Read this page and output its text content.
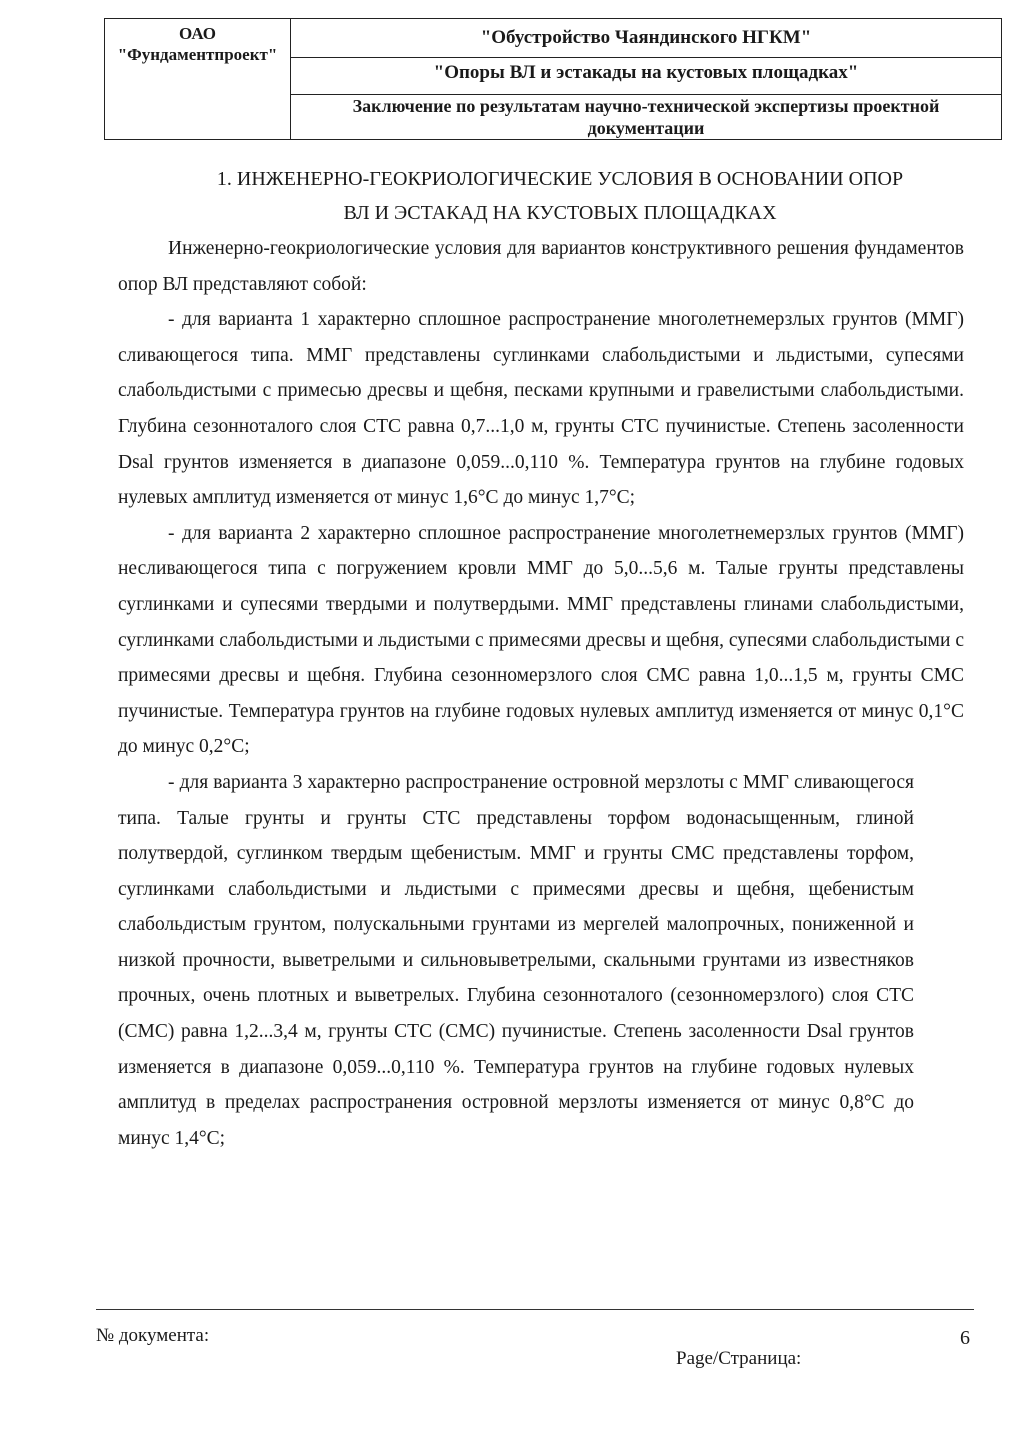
ОАО
"Фундаментпроект"
"Обустройство Чаяндинского НГКМ"
"Опоры ВЛ и эстакады на кустовых площадках"
Заключение по результатам научно-технической экспертизы проектной документации
1. ИНЖЕНЕРНО-ГЕОКРИОЛОГИЧЕСКИЕ УСЛОВИЯ В ОСНОВАНИИ ОПОР
ВЛ И ЭСТАКАД НА КУСТОВЫХ ПЛОЩАДКАХ

Инженерно-геокриологические условия для вариантов конструктивного решения фундаментов опор ВЛ представляют собой:

- для варианта 1 характерно сплошное распространение многолетнемерзлых грунтов (ММГ) сливающегося типа. ММГ представлены суглинками слабольдистыми и льдистыми, супесями слабольдистыми с примесью дресвы и щебня, песками крупными и гравелистыми слабольдистыми. Глубина сезонноталого слоя СТС равна 0,7...1,0 м, грунты СТС пучинистые. Степень засоленности Dsal грунтов изменяется в диапазоне 0,059...0,110 %. Температура грунтов на глубине годовых нулевых амплитуд изменяется от минус 1,6°С до минус 1,7°С;

- для варианта 2 характерно сплошное распространение многолетнемерзлых грунтов (ММГ) несливающегося типа с погружением кровли ММГ до 5,0...5,6 м. Талые грунты представлены суглинками и супесями твердыми и полутвердыми. ММГ представлены глинами слабольдистыми, суглинками слабольдистыми и льдистыми с примесями дресвы и щебня, супесями слабольдистыми с примесями дресвы и щебня. Глубина сезонномерзлого слоя СМС равна 1,0...1,5 м, грунты СМС пучинистые. Температура грунтов на глубине годовых нулевых амплитуд изменяется от минус 0,1°С до минус 0,2°С;

- для варианта 3 характерно распространение островной мерзлоты с ММГ сливающегося типа. Талые грунты и грунты СТС представлены торфом водонасыщенным, глиной полутвердой, суглинком твердым щебенистым. ММГ и грунты СМС представлены торфом, суглинками слабольдистыми и льдистыми с примесями дресвы и щебня, щебенистым слабольдистым грунтом, полускальными грунтами из мергелей малопрочных, пониженной и низкой прочности, выветрелыми и сильновыветрелыми, скальными грунтами из известняков прочных, очень плотных и выветрелых. Глубина сезонноталого (сезонномерзлого) слоя СТС (СМС) равна 1,2...3,4 м, грунты СТС (СМС) пучинистые. Степень засоленности Dsal грунтов изменяется в диапазоне 0,059...0,110 %. Температура грунтов на глубине годовых нулевых амплитуд в пределах распространения островной мерзлоты изменяется от минус 0,8°С до минус 1,4°С;

№ документа:	6
Page/Страница:
